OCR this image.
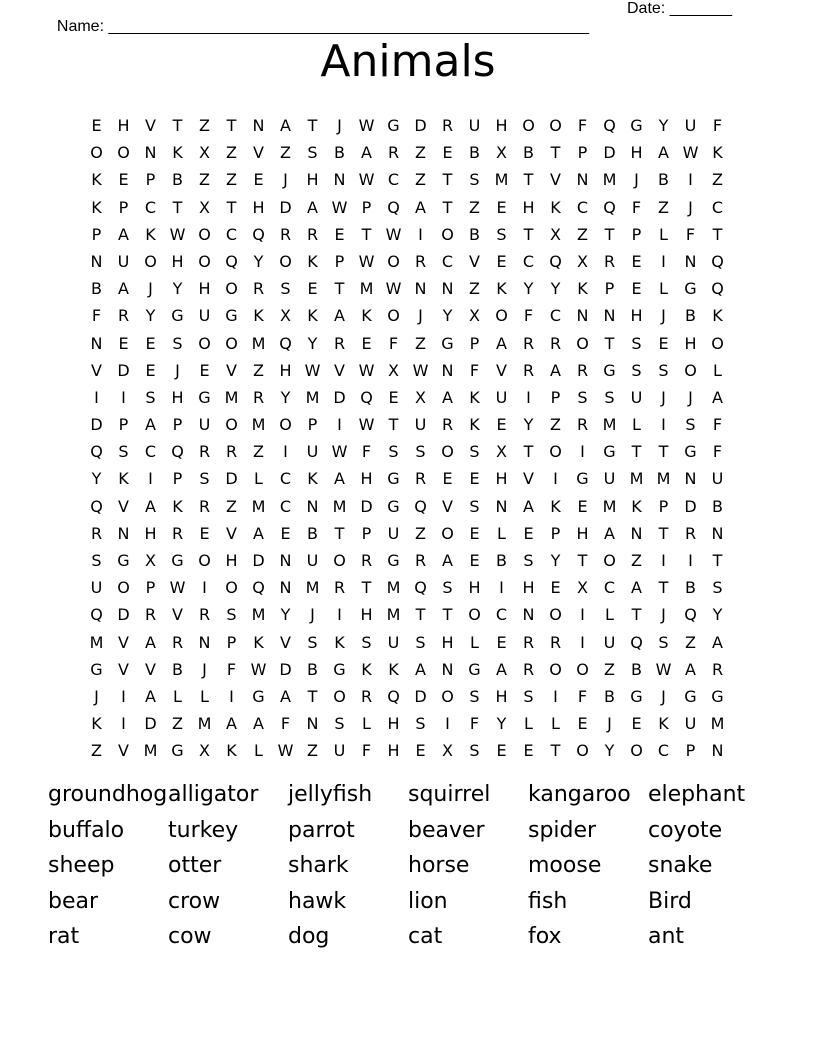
Name: ______________________________________________________

Date: _______

Animals
E H V	T	Z	T	N A	T	J	W G D R U H O O	F	Q G Y	U	F
O O N K	X	Z	V	Z	S	B	A R Z	E	B	X	B	T	P	D H A W K
K	E	P	B	Z	Z	E	J	H N W C Z	T	S M T	V N M	J	B	I	Z
K	P	C	T	X	T	H D A W P Q A	T	Z	E H K	C Q	F	Z	J	C
P	A	K W O C Q R R	E	T W	I	O B	S	T	X	Z	T	P	L	F	T
N U O H O Q Y O K	P W O R C V	E	C Q X R	E	I	N Q
B	A	J	Y	H O R	S	E	T M W N N Z	K	Y	Y	K	P	E	L	G Q
F	R	Y G U G K	X	K	A	K O	J	Y	X O	F	C N N H	J	B	K
N E	E	S O O M Q Y	R	E	F	Z G P	A R R O T	S	E H O
V D E	J	E	V	Z H W V W X W N	F	V R A R G S	S O	L
I	I	S H G M R	Y M D Q E	X	A	K U	I	P	S	S	U	J	J	A
D	P	A	P	U O M O P	I	W T	U R	K	E	Y	Z R M L	I	S	F
Q S	C Q R R Z	I	U W F	S	S O S	X	T O	I	G T	T G	F
Y	K	I	P	S D	L	C	K	A H G R	E	E H V	I	G U M M N U
Q V	A	K	R Z M C N M D G Q V	S N A	K	E M K	P	D B
R N H R	E	V	A	E	B	T	P	U Z O E	L	E	P	H A N	T	R N
S G X G O H D N U O R G R A	E	B	S	Y	T O Z	I	I	T
U O P W	I	O Q N M R	T M Q S H	I	H E	X C A	T	B	S
Q D R V R	S M Y	J	I	H M T	T O C N O	I	L	T	J	Q Y
M V	A R N	P	K	V	S	K	S	U	S H	L	E	R R	I	U Q S	Z	A
G V	V	B	J	F W D B G K	K	A N G A R O O Z	B W A R
J	I	A	L	L	I	G A	T O R Q D O S H S	I	F	B G	J	G G
K	I	D Z M A	A	F	N S	L	H S	I	F	Y	L	L	E	J	E	K U M
Z	V M G X	K	L W Z U	F	H E	X	S	E	E	T O Y O C	P	N
groundhog alligator	jellyfish	squirrel	kangaroo elephant
buffalo	turkey	parrot	beaver	spider	coyote
sheep	otter	shark	horse	moose	snake
bear	crow	hawk	lion	fish	Bird
rat	cow	dog	cat	fox	ant
